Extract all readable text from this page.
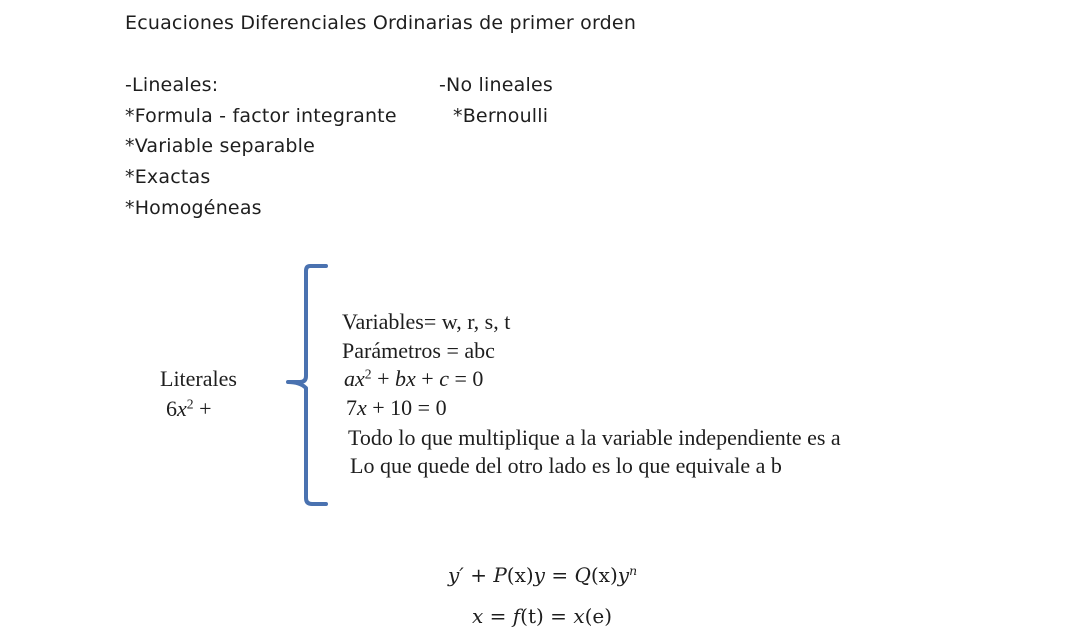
Ecuaciones Diferenciales Ordinarias de primer orden
-Lineales:
*Formula - factor integrante
*Variable separable
*Exactas
*Homogéneas
-No lineales
*Bernoulli
Literales
$6x^2$ +
Variables= w, r, s, t
Parámetros = abc
$ax^2$ + bx + c = 0
7x + 10 = 0
Todo lo que multiplique a la variable independiente es a
Lo que quede del otro lado es lo que equivale a b
$y' + P(x)y = Q(x)y^n$
x = f(t) = x(e)
